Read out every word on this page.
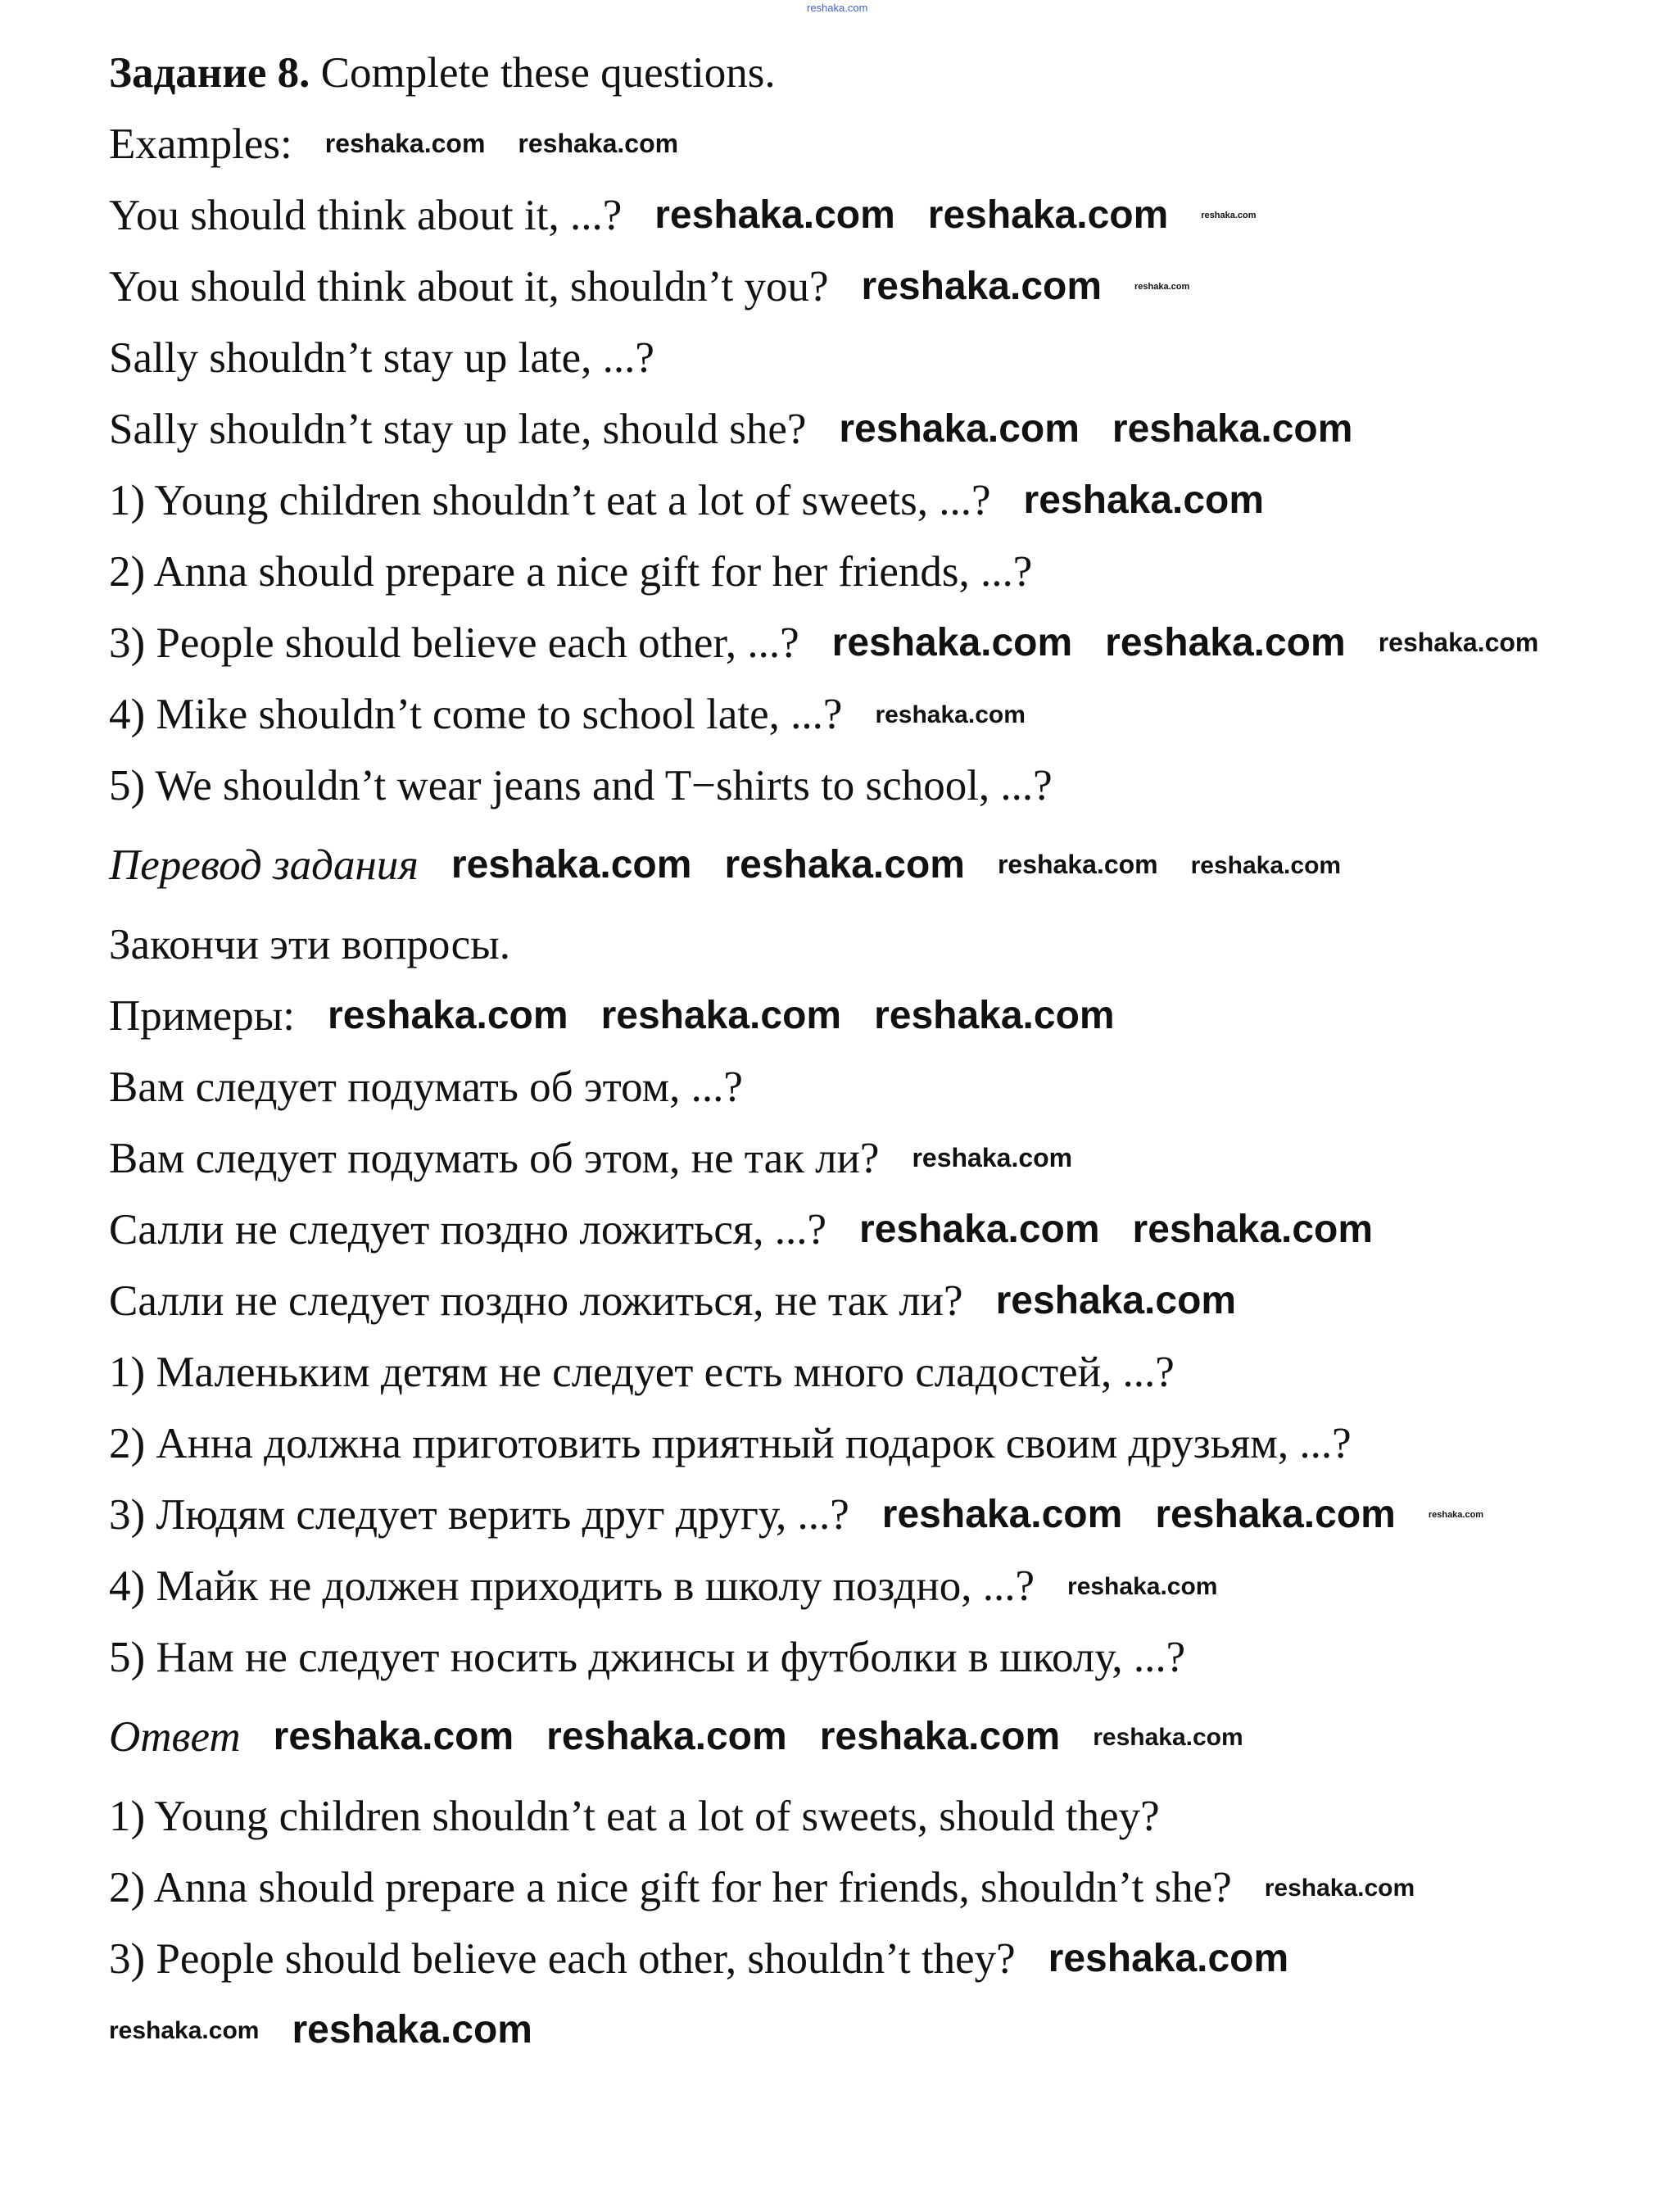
reshaka.com
Задание 8. Complete these questions.
Examples: reshaka.com reshaka.com
You should think about it, ...? reshaka.com reshaka.com	reshaka.com
You should think about it, shouldn’t you? reshaka.com	reshaka.com
Sally shouldn’t stay up late, ...?
Sally shouldn’t stay up late, should she? reshaka.com reshaka.com
1) Young children shouldn’t eat a lot of sweets, ...? reshaka.com
2) Anna should prepare a nice gift for her friends, ...?
3) People should believe each other, ...? reshaka.com reshaka.com reshaka.com
4) Mike shouldn’t come to school late, ...? reshaka.com
5) We shouldn’t wear jeans and T−shirts to school, ...?
Перевод задания reshaka.com reshaka.com reshaka.com reshaka.com
Закончи эти вопросы.
Примеры: reshaka.com reshaka.com reshaka.com
Вам следует подумать об этом, ...?
Вам следует подумать об этом, не так ли? reshaka.com
Салли не следует поздно ложиться, ...? reshaka.com reshaka.com
Салли не следует поздно ложиться, не так ли? reshaka.com
1) Маленьким детям не следует есть много сладостей, ...?
2) Анна должна приготовить приятный подарок своим друзьям, ...?
3) Людям следует верить друг другу, ...? reshaka.com reshaka.com	reshaka.com
4) Майк не должен приходить в школу поздно, ...? reshaka.com
5) Нам не следует носить джинсы и футболки в школу, ...?
Ответ reshaka.com reshaka.com reshaka.com reshaka.com
1) Young children shouldn’t eat a lot of sweets, should they?
2) Anna should prepare a nice gift for her friends, shouldn’t she? reshaka.com
3) People should believe each other, shouldn’t they? reshaka.com
reshaka.com reshaka.com
